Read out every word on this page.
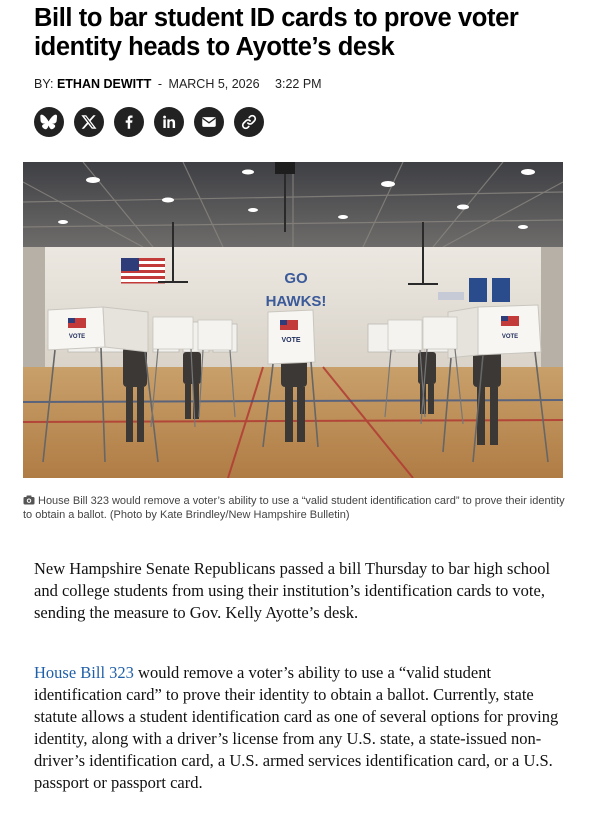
Bill to bar student ID cards to prove voter identity heads to Ayotte’s desk
BY: ETHAN DEWITT - MARCH 5, 2026 3:22 PM
GO
HAWKS!
VOTE	VOTE	VOTE
House Bill 323 would remove a voter’s ability to use a “valid student identification card” to prove their identity to obtain a ballot. (Photo by Kate Brindley/New Hampshire Bulletin)

New Hampshire Senate Republicans passed a bill Thursday to bar high school and college students from using their institution’s identification cards to vote, sending the measure to Gov. Kelly Ayotte’s desk.

House Bill 323 would remove a voter’s ability to use a “valid student identification card” to prove their identity to obtain a ballot. Currently, state statute allows a student identification card as one of several options for proving identity, along with a driver’s license from any U.S. state, a state-issued non-driver’s identification card, a U.S. armed services identification card, or a U.S. passport or passport card.
